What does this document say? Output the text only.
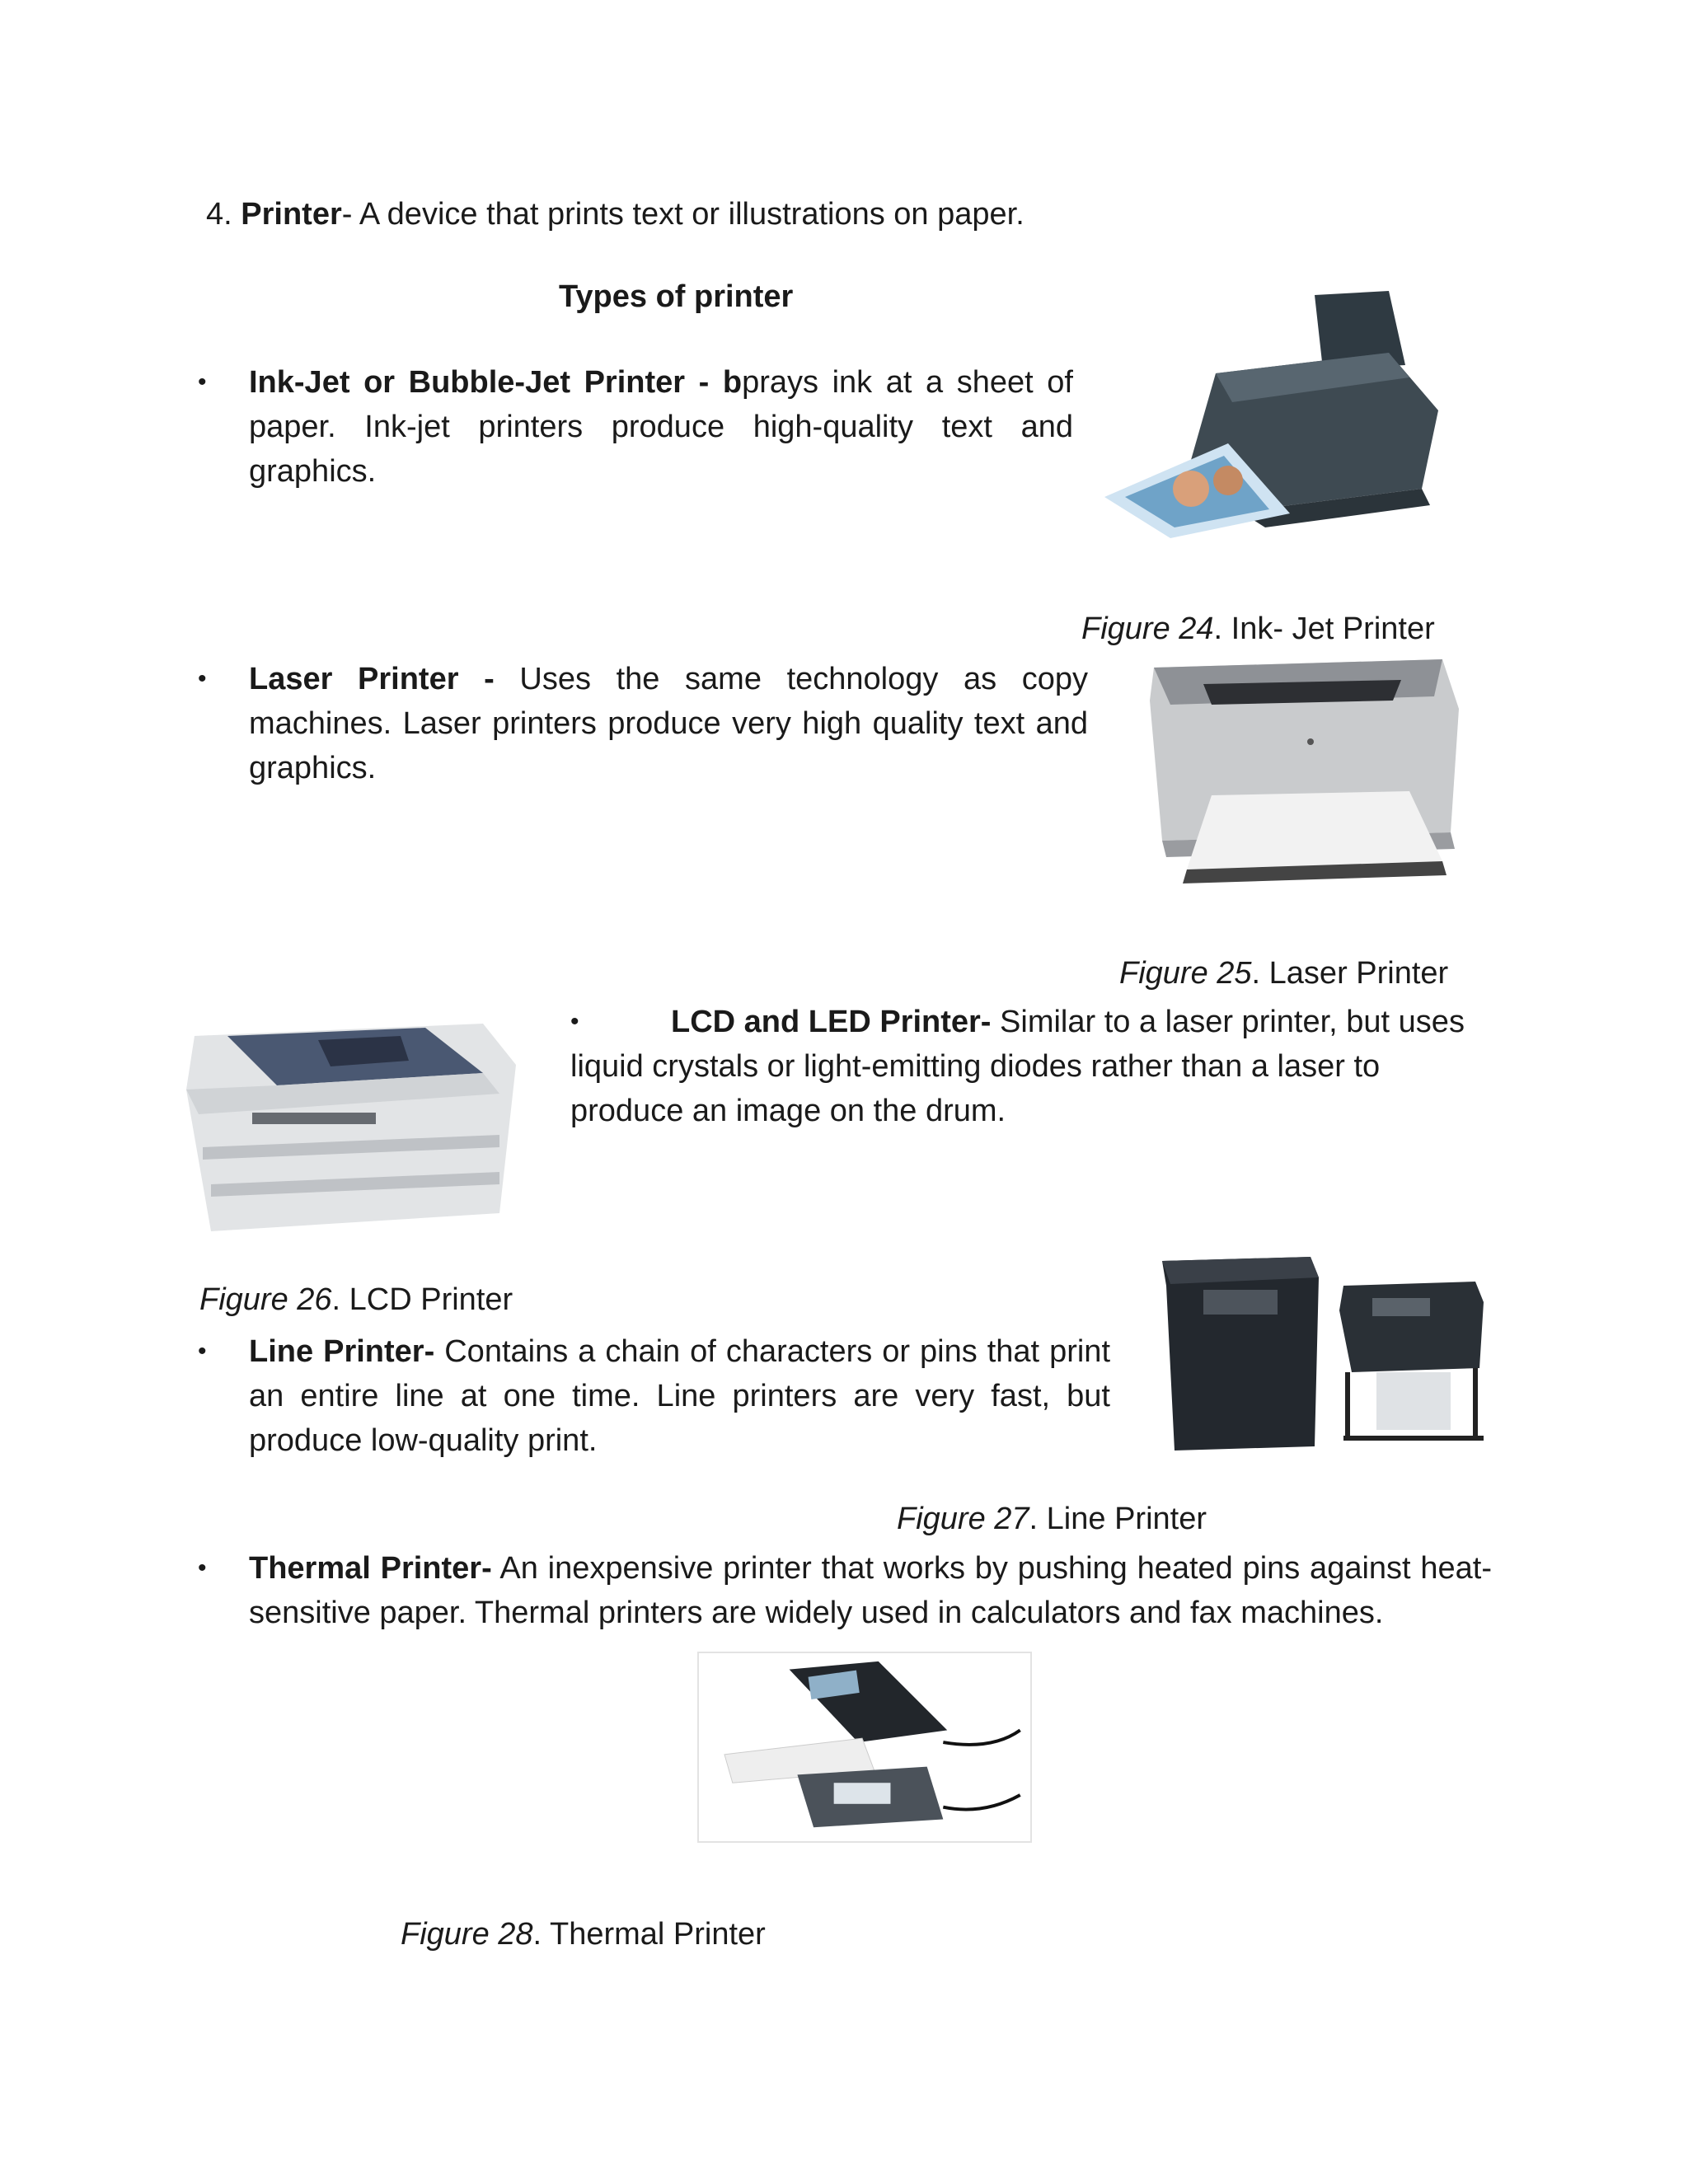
4. Printer- A device that prints text or illustrations on paper.

Types of printer

• Ink-Jet or Bubble-Jet Printer - bprays ink at a sheet of paper. Ink-jet printers produce high-quality text and graphics.

Figure 24. Ink- Jet Printer

• Laser Printer - Uses the same technology as copy machines. Laser printers produce very high quality text and graphics.

Figure 25. Laser Printer

•	LCD and LED Printer- Similar to a laser printer, but uses liquid crystals or light-emitting diodes rather than a laser to produce an image on the drum.

Figure 26. LCD Printer

• Line Printer- Contains a chain of characters or pins that print an entire line at one time. Line printers are very fast, but produce low-quality print.

Figure 27. Line Printer

• Thermal Printer- An inexpensive printer that works by pushing heated pins against heat-sensitive paper. Thermal printers are widely used in calculators and fax machines.

Figure 28. Thermal Printer
